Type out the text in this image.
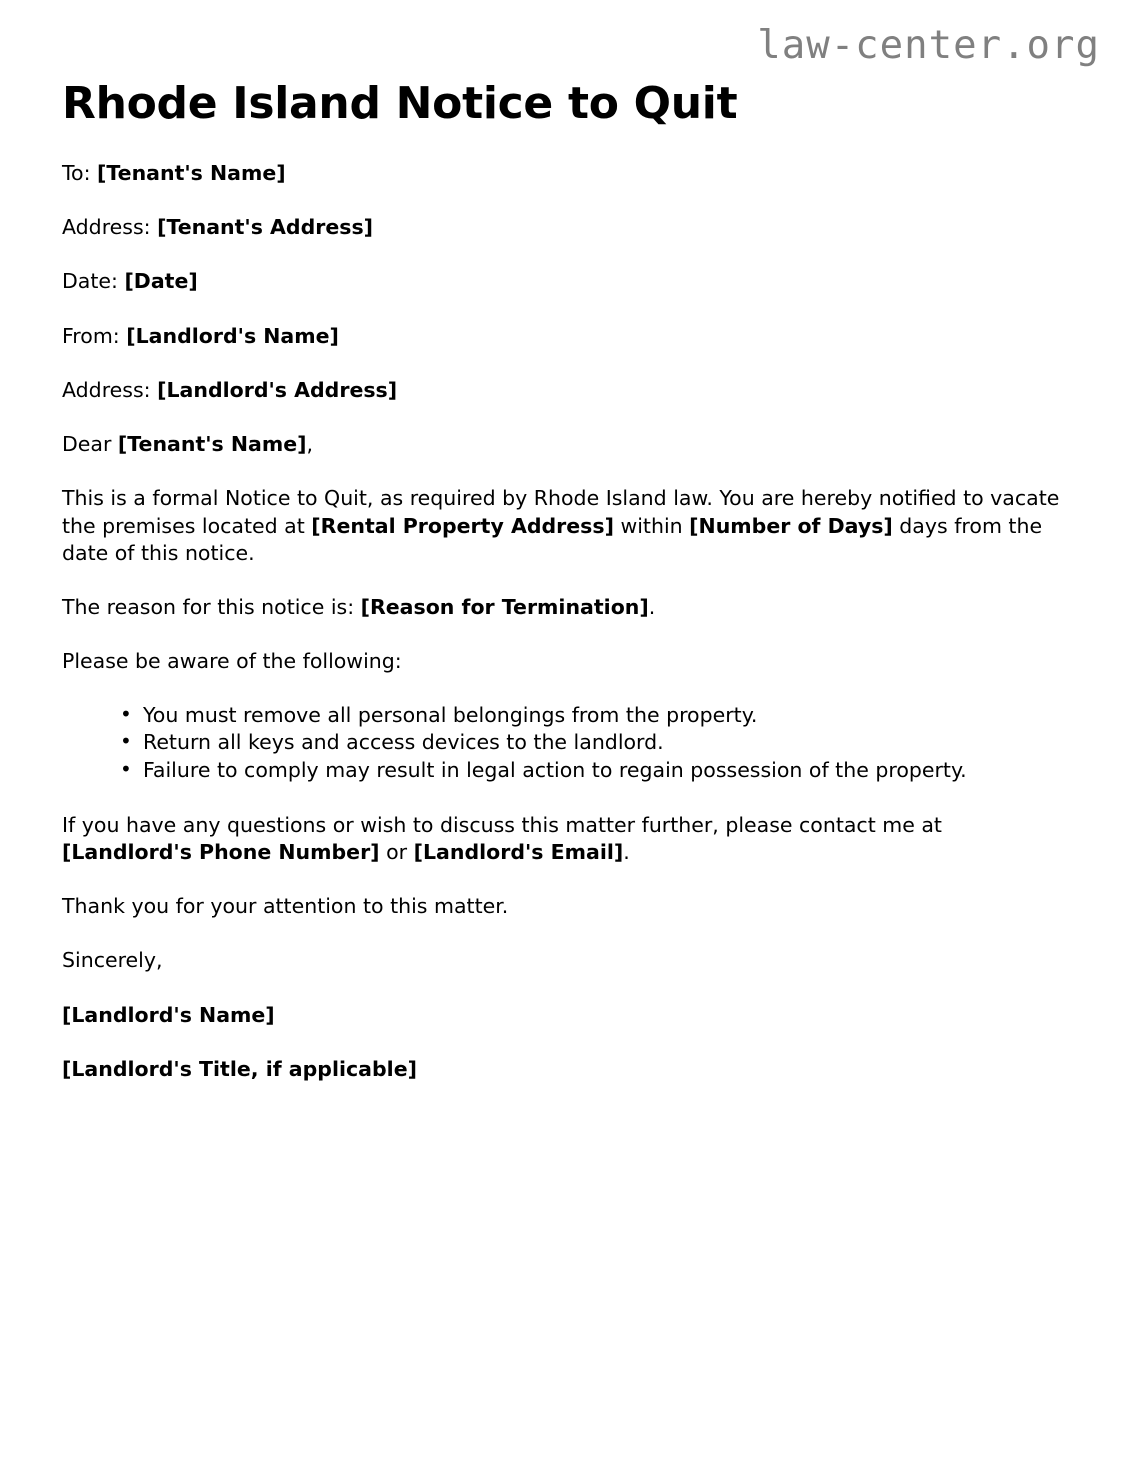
law-center.org
Rhode Island Notice to Quit

To: [Tenant's Name]

Address: [Tenant's Address]

Date: [Date]

From: [Landlord's Name]

Address: [Landlord's Address]

Dear [Tenant's Name],

This is a formal Notice to Quit, as required by Rhode Island law. You are hereby notified to vacate the premises located at [Rental Property Address] within [Number of Days] days from the date of this notice.

The reason for this notice is: [Reason for Termination].

Please be aware of the following:

• You must remove all personal belongings from the property.
• Return all keys and access devices to the landlord.
• Failure to comply may result in legal action to regain possession of the property.

If you have any questions or wish to discuss this matter further, please contact me at [Landlord's Phone Number] or [Landlord's Email].

Thank you for your attention to this matter.

Sincerely,

[Landlord's Name]

[Landlord's Title, if applicable]
